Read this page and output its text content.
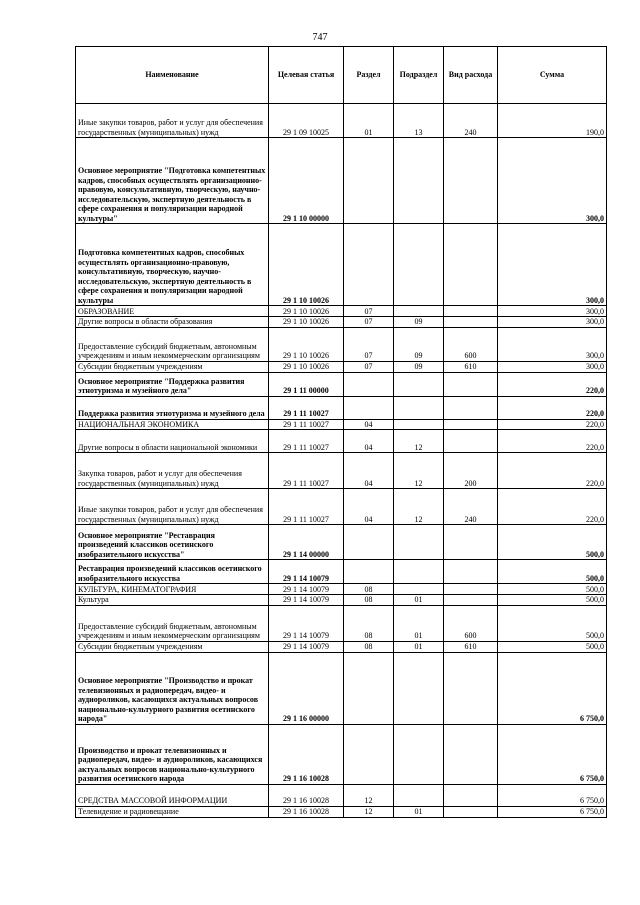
747
Наименование	Целевая статья	Раздел	Подраздел	Вид расхода	Сумма
Иные закупки товаров, работ и услуг для обеспечения государственных (муниципальных) нужд	29 1 09 10025	01	13	240	190,0
Основное мероприятие "Подготовка компетентных кадров, способных осуществлять организационно-правовую, консультативную, творческую, научно-исследовательскую, экспертную деятельность в сфере сохранения и популяризации народной культуры"	29 1 10 00000				300,0
Подготовка компетентных кадров, способных осуществлять организационно-правовую, консультативную, творческую, научно-исследовательскую, экспертную деятельность в сфере сохранения и популяризации народной культуры	29 1 10 10026				300,0
ОБРАЗОВАНИЕ	29 1 10 10026	07			300,0
Другие вопросы в области образования	29 1 10 10026	07	09		300,0
Предоставление субсидий бюджетным, автономным учреждениям и иным некоммерческим организациям	29 1 10 10026	07	09	600	300,0
Субсидии бюджетным учреждениям	29 1 10 10026	07	09	610	300,0
Основное мероприятие "Поддержка развития этнотуризма и музейного дела"	29 1 11 00000				220,0
Поддержка развития этнотуризма и музейного дела	29 1 11 10027				220,0
НАЦИОНАЛЬНАЯ ЭКОНОМИКА	29 1 11 10027	04			220,0
Другие вопросы в области национальной экономики	29 1 11 10027	04	12		220,0
Закупка товаров, работ и услуг для обеспечения государственных (муниципальных) нужд	29 1 11 10027	04	12	200	220,0
Иные закупки товаров, работ и услуг для обеспечения государственных (муниципальных) нужд	29 1 11 10027	04	12	240	220,0
Основное мероприятие "Реставрация произведений классиков осетинского изобразительного искусства"	29 1 14 00000				500,0
Реставрация произведений классиков осетинского изобразительного искусства	29 1 14 10079				500,0
КУЛЬТУРА, КИНЕМАТОГРАФИЯ	29 1 14 10079	08			500,0
Культура	29 1 14 10079	08	01		500,0
Предоставление субсидий бюджетным, автономным учреждениям и иным некоммерческим организациям	29 1 14 10079	08	01	600	500,0
Субсидии бюджетным учреждениям	29 1 14 10079	08	01	610	500,0
Основное мероприятие "Производство и прокат телевизионных и радиопередач, видео- и аудиороликов, касающихся актуальных вопросов национально-культурного развития осетинского народа"	29 1 16 00000				6 750,0
Производство и прокат телевизионных и радиопередач, видео- и аудиороликов, касающихся актуальных вопросов национально-культурного развития осетинского народа	29 1 16 10028				6 750,0
СРЕДСТВА МАССОВОЙ ИНФОРМАЦИИ	29 1 16 10028	12			6 750,0
Телевидение и радиовещание	29 1 16 10028	12	01		6 750,0
